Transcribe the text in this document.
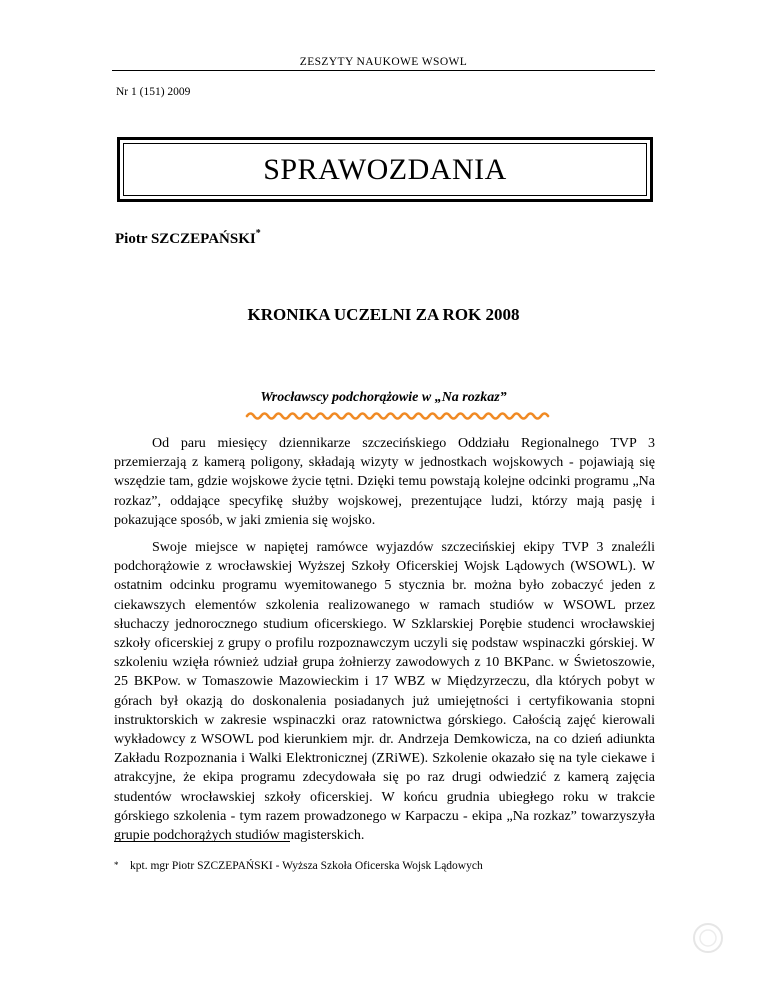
ZESZYTY NAUKOWE WSOWL
Nr 1 (151) 2009
SPRAWOZDANIA
Piotr SZCZEPAŃSKI*
KRONIKA UCZELNI ZA ROK 2008
Wrocławscy podchorążowie w „Na rozkaz”

Od paru miesięcy dziennikarze szczecińskiego Oddziału Regionalnego TVP 3 przemierzają z kamerą poligony, składają wizyty w jednostkach wojskowych - pojawiają się wszędzie tam, gdzie wojskowe życie tętni. Dzięki temu powstają kolejne odcinki programu „Na rozkaz”, oddające specyfikę służby wojskowej, prezentujące ludzi, którzy mają pasję i pokazujące sposób, w jaki zmienia się wojsko.

Swoje miejsce w napiętej ramówce wyjazdów szczecińskiej ekipy TVP 3 znaleźli podchorążowie z wrocławskiej Wyższej Szkoły Oficerskiej Wojsk Lądowych (WSOWL). W ostatnim odcinku programu wyemitowanego 5 stycznia br. można było zobaczyć jeden z ciekawszych elementów szkolenia realizowanego w ramach studiów w WSOWL przez słuchaczy jednorocznego studium oficerskiego. W Szklarskiej Porębie studenci wrocławskiej szkoły oficerskiej z grupy o profilu rozpoznawczym uczyli się podstaw wspinaczki górskiej. W szkoleniu wzięła również udział grupa żołnierzy zawodowych z 10 BKPanc. w Świetoszowie, 25 BKPow. w Tomaszowie Mazowieckim i 17 WBZ w Międzyrzeczu, dla których pobyt w górach był okazją do doskonalenia posiadanych już umiejętności i certyfikowania stopni instruktorskich w zakresie wspinaczki oraz ratownictwa górskiego. Całością zajęć kierowali wykładowcy z WSOWL pod kierunkiem mjr. dr. Andrzeja Demkowicza, na co dzień adiunkta Zakładu Rozpoznania i Walki Elektronicznej (ZRiWE). Szkolenie okazało się na tyle ciekawe i atrakcyjne, że ekipa programu zdecydowała się po raz drugi odwiedzić z kamerą zajęcia studentów wrocławskiej szkoły oficerskiej. W końcu grudnia ubiegłego roku w trakcie górskiego szkolenia - tym razem prowadzonego w Karpaczu - ekipa „Na rozkaz” towarzyszyła grupie podchorążych studiów magisterskich.

* kpt. mgr Piotr SZCZEPAŃSKI - Wyższa Szkoła Oficerska Wojsk Lądowych
